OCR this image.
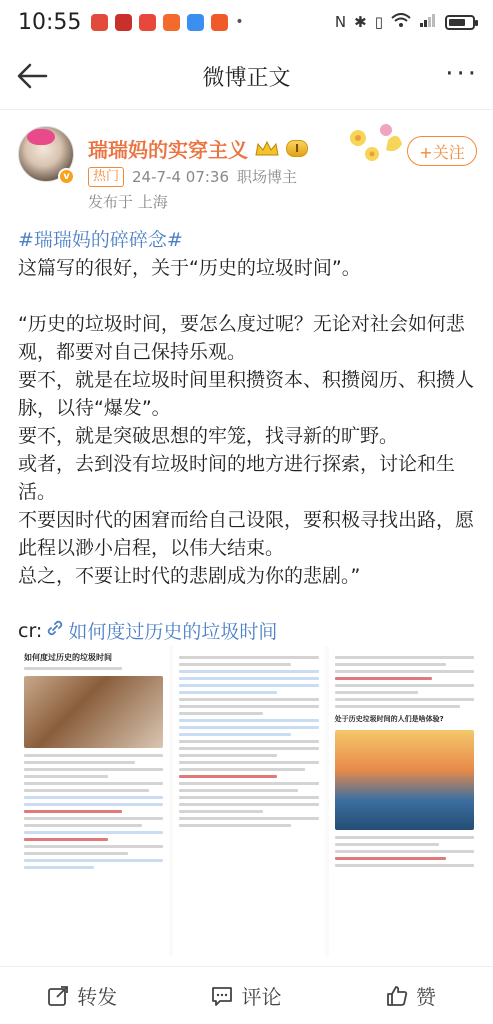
10:55	•	Ν ✱ ▯
微博正文	···
v
瑞瑞妈的实穿主义	I
热门 24-7-4 07:36 职场博主
发布于 上海
+关注

#瑞瑞妈的碎碎念#

这篇写的很好，关于“历史的垃圾时间”。

“历史的垃圾时间，要怎么度过呢？无论对社会如何悲观，都要对自己保持乐观。

要不，就是在垃圾时间里积攒资本、积攒阅历、积攒人脉，以待“爆发”。

要不，就是突破思想的牢笼，找寻新的旷野。

或者，去到没有垃圾时间的地方进行探索，讨论和生活。

不要因时代的困窘而给自己设限，要积极寻找出路，愿此程以渺小启程，以伟大结束。

总之，不要让时代的悲剧成为你的悲剧。”

cr: 如何度过历史的垃圾时间
如何度过历史的垃圾时间
处于历史垃圾时间的人们是啥体验?
转发	评论	赞
